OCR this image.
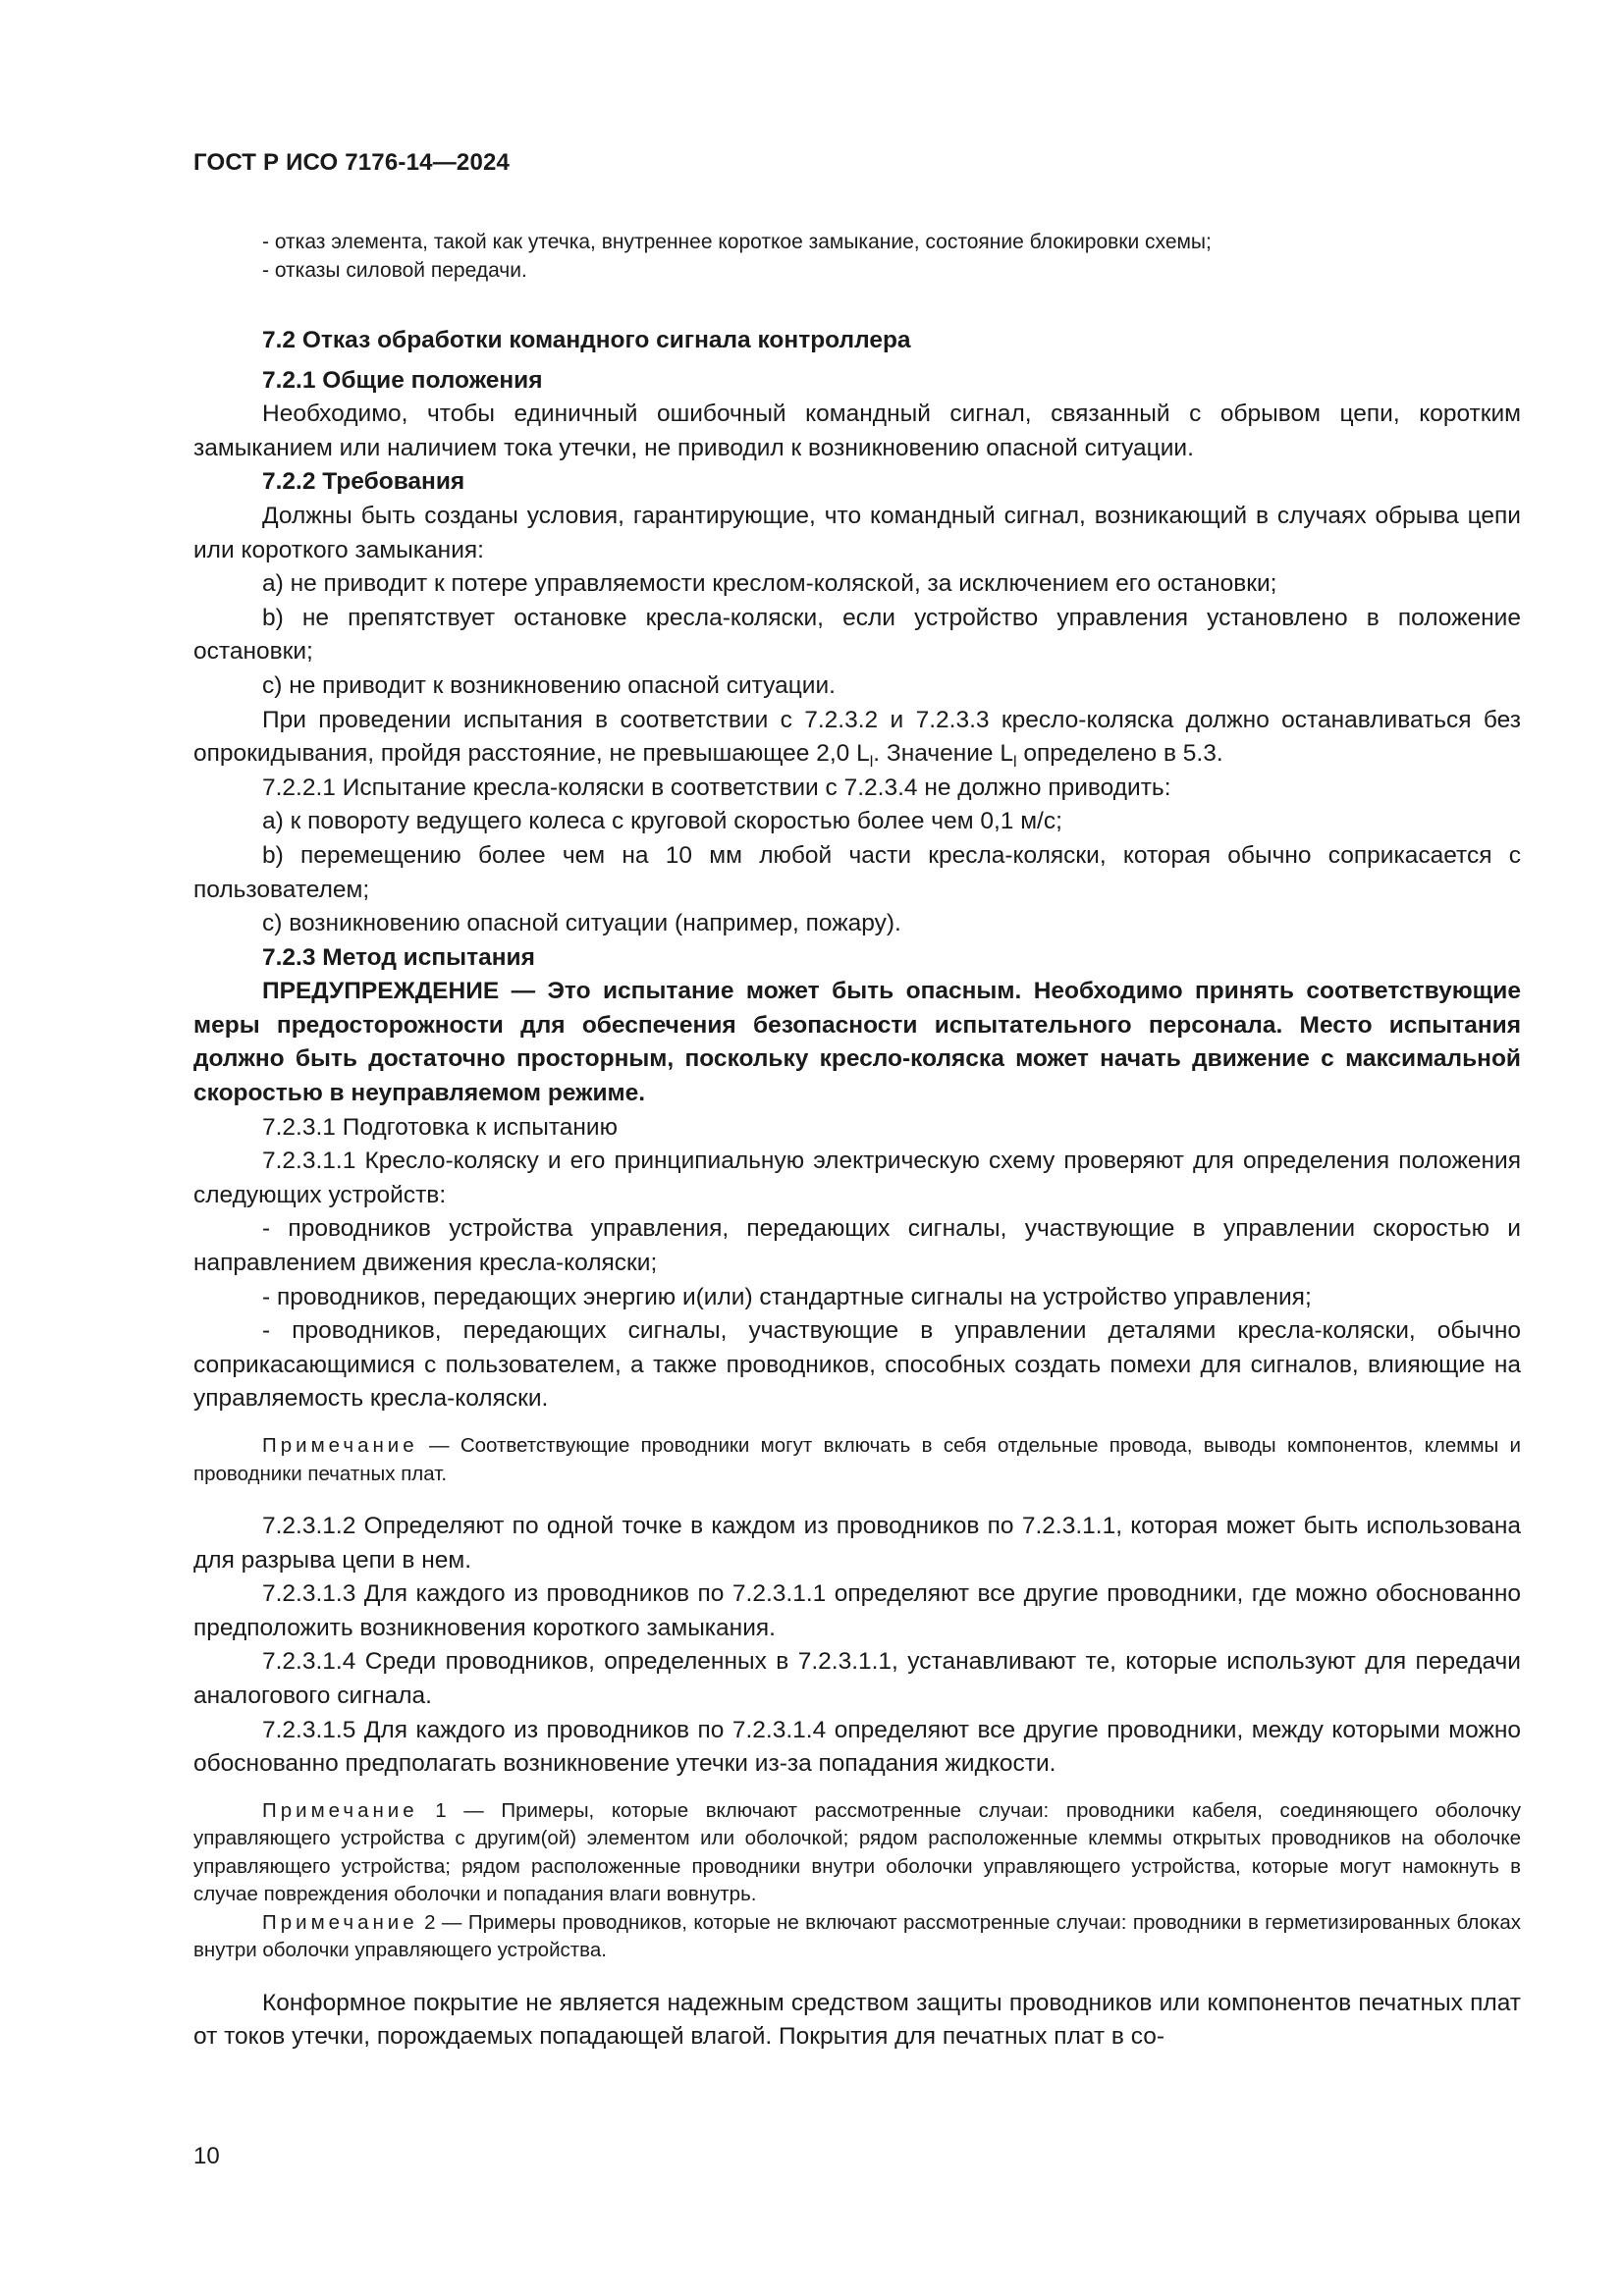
ГОСТ Р ИСО 7176-14—2024

- отказ элемента, такой как утечка, внутреннее короткое замыкание, состояние блокировки схемы;

- отказы силовой передачи.

7.2 Отказ обработки командного сигнала контроллера

7.2.1 Общие положения

Необходимо, чтобы единичный ошибочный командный сигнал, связанный с обрывом цепи, коротким замыканием или наличием тока утечки, не приводил к возникновению опасной ситуации.

7.2.2 Требования

Должны быть созданы условия, гарантирующие, что командный сигнал, возникающий в случаях обрыва цепи или короткого замыкания:

a) не приводит к потере управляемости креслом-коляской, за исключением его остановки;

b) не препятствует остановке кресла-коляски, если устройство управления установлено в положение остановки;

c) не приводит к возникновению опасной ситуации.

При проведении испытания в соответствии с 7.2.3.2 и 7.2.3.3 кресло-коляска должно останавливаться без опрокидывания, пройдя расстояние, не превышающее 2,0 $L_l$. Значение $L_l$ определено в 5.3.

7.2.2.1 Испытание кресла-коляски в соответствии с 7.2.3.4 не должно приводить:

a) к повороту ведущего колеса с круговой скоростью более чем 0,1 м/с;

b) перемещению более чем на 10 мм любой части кресла-коляски, которая обычно соприкасается с пользователем;

c) возникновению опасной ситуации (например, пожару).

7.2.3 Метод испытания

ПРЕДУПРЕЖДЕНИЕ — Это испытание может быть опасным. Необходимо принять соответствующие меры предосторожности для обеспечения безопасности испытательного персонала. Место испытания должно быть достаточно просторным, поскольку кресло-коляска может начать движение с максимальной скоростью в неуправляемом режиме.

7.2.3.1 Подготовка к испытанию

7.2.3.1.1 Кресло-коляску и его принципиальную электрическую схему проверяют для определения положения следующих устройств:

- проводников устройства управления, передающих сигналы, участвующие в управлении скоростью и направлением движения кресла-коляски;

- проводников, передающих энергию и(или) стандартные сигналы на устройство управления;

- проводников, передающих сигналы, участвующие в управлении деталями кресла-коляски, обычно соприкасающимися с пользователем, а также проводников, способных создать помехи для сигналов, влияющие на управляемость кресла-коляски.

Примечание — Соответствующие проводники могут включать в себя отдельные провода, выводы компонентов, клеммы и проводники печатных плат.

7.2.3.1.2 Определяют по одной точке в каждом из проводников по 7.2.3.1.1, которая может быть использована для разрыва цепи в нем.

7.2.3.1.3 Для каждого из проводников по 7.2.3.1.1 определяют все другие проводники, где можно обоснованно предположить возникновения короткого замыкания.

7.2.3.1.4 Среди проводников, определенных в 7.2.3.1.1, устанавливают те, которые используют для передачи аналогового сигнала.

7.2.3.1.5 Для каждого из проводников по 7.2.3.1.4 определяют все другие проводники, между которыми можно обоснованно предполагать возникновение утечки из-за попадания жидкости.

Примечание 1 — Примеры, которые включают рассмотренные случаи: проводники кабеля, соединяющего оболочку управляющего устройства с другим(ой) элементом или оболочкой; рядом расположенные клеммы открытых проводников на оболочке управляющего устройства; рядом расположенные проводники внутри оболочки управляющего устройства, которые могут намокнуть в случае повреждения оболочки и попадания влаги вовнутрь.

Примечание 2 — Примеры проводников, которые не включают рассмотренные случаи: проводники в герметизированных блоках внутри оболочки управляющего устройства.

Конформное покрытие не является надежным средством защиты проводников или компонентов печатных плат от токов утечки, порождаемых попадающей влагой. Покрытия для печатных плат в со-

10
